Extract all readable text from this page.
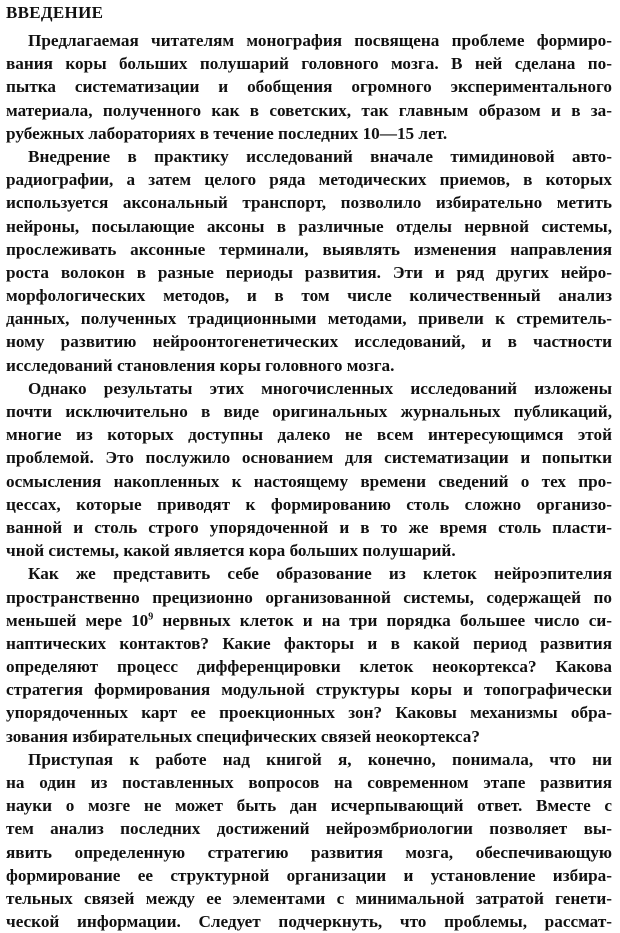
ВВЕДЕНИЕ
Предлагаемая читателям монография посвящена проблеме формиро-
вания коры больших полушарий головного мозга. В ней сделана по-
пытка систематизации и обобщения огромного экспериментального
материала, полученного как в советских, так главным образом и в за-
рубежных лабораториях в течение последних 10—15 лет.
Внедрение в практику исследований вначале тимидиновой авто-
радиографии, а затем целого ряда методических приемов, в которых
используется аксональный транспорт, позволило избирательно метить
нейроны, посылающие аксоны в различные отделы нервной системы,
прослеживать аксонные терминали, выявлять изменения направления
роста волокон в разные периоды развития. Эти и ряд других нейро-
морфологических методов, и в том числе количественный анализ
данных, полученных традиционными методами, привели к стремитель-
ному развитию нейроонтогенетических исследований, и в частности
исследований становления коры головного мозга.
Однако результаты этих многочисленных исследований изложены
почти исключительно в виде оригинальных журнальных публикаций,
многие из которых доступны далеко не всем интересующимся этой
проблемой. Это послужило основанием для систематизации и попытки
осмысления накопленных к настоящему времени сведений о тех про-
цессах, которые приводят к формированию столь сложно организо-
ванной и столь строго упорядоченной и в то же время столь пласти-
чной системы, какой является кора больших полушарий.
Как же представить себе образование из клеток нейроэпителия
пространственно прецизионно организованной системы, содержащей по
меньшей мере $10^9$ нервных клеток и на три порядка большее число си-
наптических контактов? Какие факторы и в какой период развития
определяют процесс дифференцировки клеток неокортекса? Какова
стратегия формирования модульной структуры коры и топографически
упорядоченных карт ее проекционных зон? Каковы механизмы обра-
зования избирательных специфических связей неокортекса?
Приступая к работе над книгой я, конечно, понимала, что ни
на один из поставленных вопросов на современном этапе развития
науки о мозге не может быть дан исчерпывающий ответ. Вместе с
тем анализ последних достижений нейроэмбриологии позволяет вы-
явить определенную стратегию развития мозга, обеспечивающую
формирование ее структурной организации и установление избира-
тельных связей между ее элементами с минимальной затратой генети-
ческой информации. Следует подчеркнуть, что проблемы, рассмат-
